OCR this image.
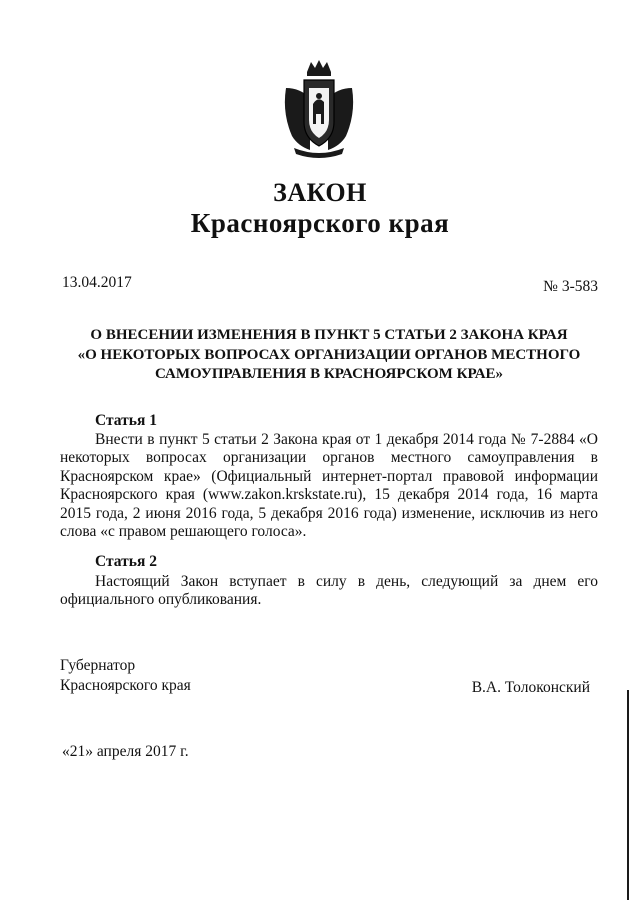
ЗАКОН
Красноярского края
13.04.2017	№ 3-583
О ВНЕСЕНИИ ИЗМЕНЕНИЯ В ПУНКТ 5 СТАТЬИ 2 ЗАКОНА КРАЯ
«О НЕКОТОРЫХ ВОПРОСАХ ОРГАНИЗАЦИИ ОРГАНОВ МЕСТНОГО
САМОУПРАВЛЕНИЯ В КРАСНОЯРСКОМ КРАЕ»
Статья 1
Внести в пункт 5 статьи 2 Закона края от 1 декабря 2014 года № 7-2884 «О некоторых вопросах организации органов местного самоуправления в Красноярском крае» (Официальный интернет-портал правовой информации Красноярского края (www.zakon.krskstate.ru), 15 декабря 2014 года, 16 марта 2015 года, 2 июня 2016 года, 5 декабря 2016 года) изменение, исключив из него слова «с правом решающего голоса».
Статья 2
Настоящий Закон вступает в силу в день, следующий за днем его официального опубликования.
Губернатор
Красноярского края	В.А. Толоконский
«21» апреля 2017 г.
